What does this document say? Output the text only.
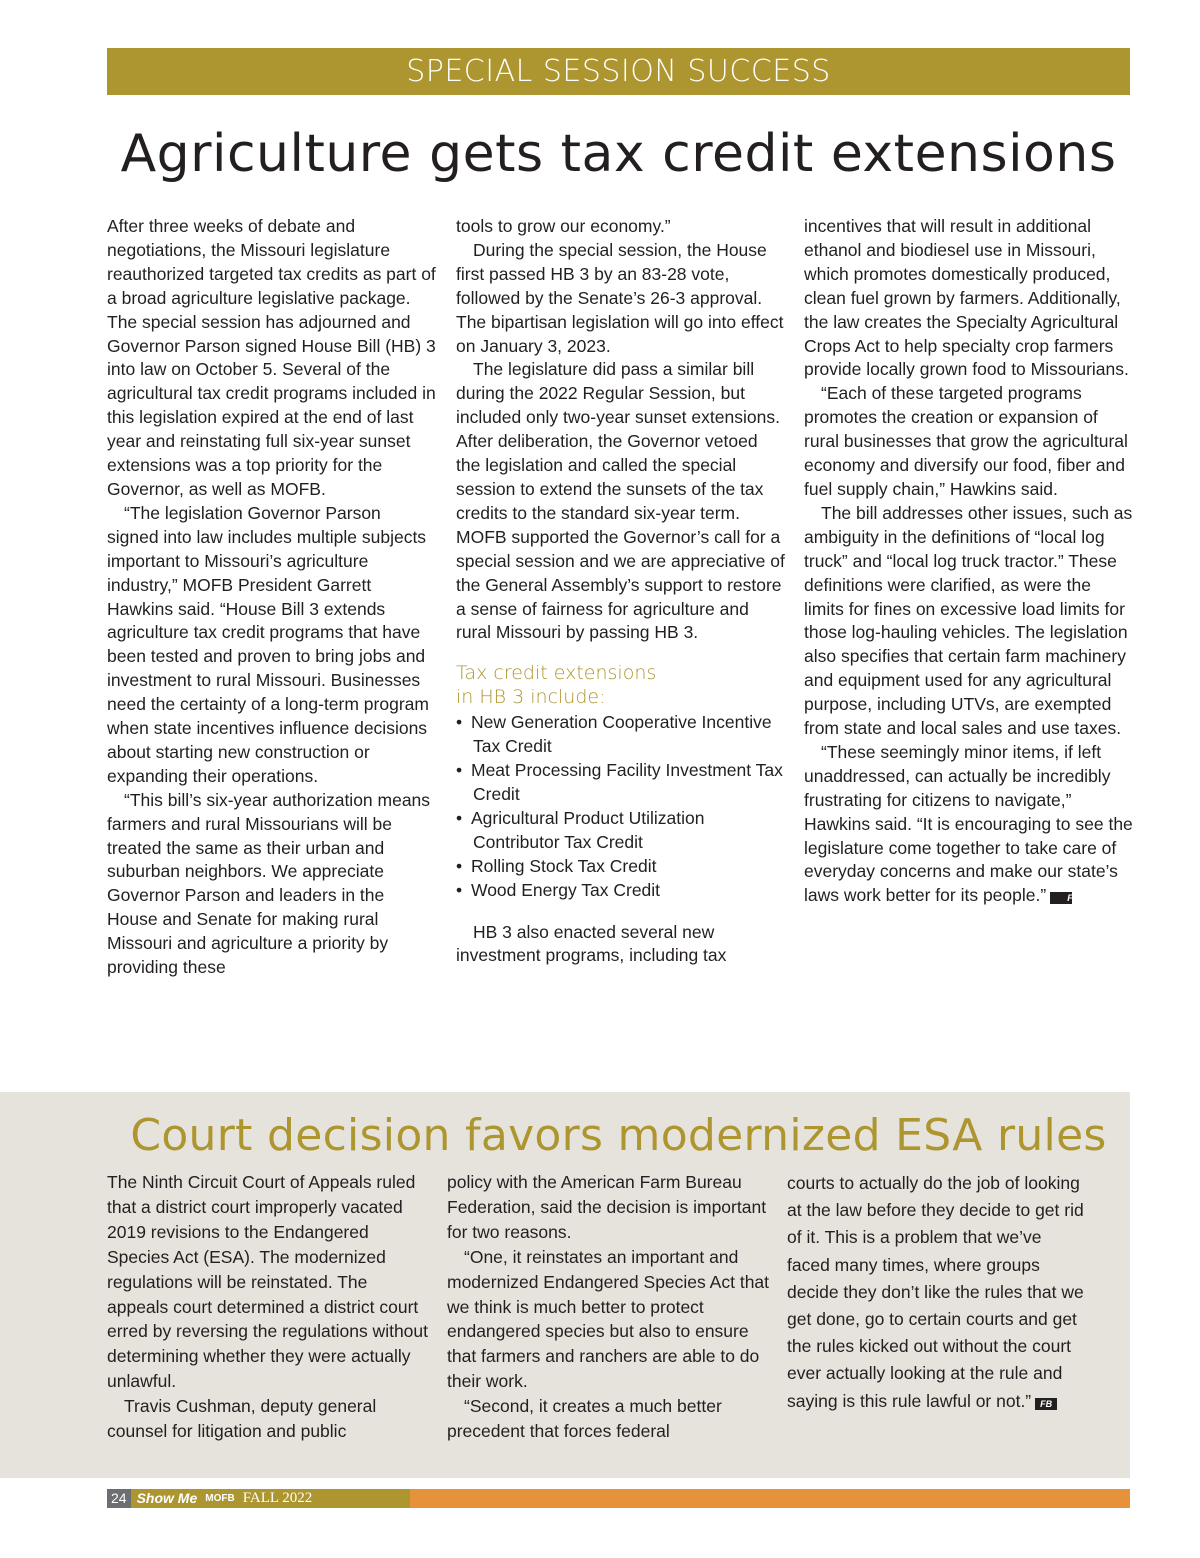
SPECIAL SESSION SUCCESS
Agriculture gets tax credit extensions

After three weeks of debate and negotiations, the Missouri legislature reauthorized targeted tax credits as part of a broad agriculture legislative package. The special session has adjourned and Governor Parson signed House Bill (HB) 3 into law on October 5. Several of the agricultural tax credit programs included in this legislation expired at the end of last year and reinstating full six-year sunset extensions was a top priority for the Governor, as well as MOFB.

“The legislation Governor Parson signed into law includes multiple subjects important to Missouri’s agriculture industry,” MOFB President Garrett Hawkins said. “House Bill 3 extends agriculture tax credit programs that have been tested and proven to bring jobs and investment to rural Missouri. Businesses need the certainty of a long-term program when state incentives influence decisions about starting new construction or expanding their operations.

“This bill’s six-year authorization means farmers and rural Missourians will be treated the same as their urban and suburban neighbors. We appreciate Governor Parson and leaders in the House and Senate for making rural Missouri and agriculture a priority by providing these

tools to grow our economy.”

During the special session, the House first passed HB 3 by an 83-28 vote, followed by the Senate’s 26-3 approval. The bipartisan legislation will go into effect on January 3, 2023.

The legislature did pass a similar bill during the 2022 Regular Session, but included only two-year sunset extensions. After deliberation, the Governor vetoed the legislation and called the special session to extend the sunsets of the tax credits to the standard six-year term. MOFB supported the Governor’s call for a special session and we are appreciative of the General Assembly’s support to restore a sense of fairness for agriculture and rural Missouri by passing HB 3.

Tax credit extensions
in HB 3 include:
• New Generation Cooperative Incentive Tax Credit
• Meat Processing Facility Investment Tax Credit
• Agricultural Product Utilization Contributor Tax Credit
• Rolling Stock Tax Credit
• Wood Energy Tax Credit

HB 3 also enacted several new investment programs, including tax

incentives that will result in additional ethanol and biodiesel use in Missouri, which promotes domestically produced, clean fuel grown by farmers. Additionally, the law creates the Specialty Agricultural Crops Act to help specialty crop farmers provide locally grown food to Missourians.

“Each of these targeted programs promotes the creation or expansion of rural businesses that grow the agricultural economy and diversify our food, fiber and fuel supply chain,” Hawkins said.

The bill addresses other issues, such as ambiguity in the definitions of “local log truck” and “local log truck tractor.” These definitions were clarified, as were the limits for fines on excessive load limits for those log-hauling vehicles. The legislation also specifies that certain farm machinery and equipment used for any agricultural purpose, including UTVs, are exempted from state and local sales and use taxes.

“These seemingly minor items, if left unaddressed, can actually be incredibly frustrating for citizens to navigate,” Hawkins said. “It is encouraging to see the legislature come together to take care of everyday concerns and make our state’s laws work better for its people.” FB

Court decision favors modernized ESA rules

The Ninth Circuit Court of Appeals ruled that a district court improperly vacated 2019 revisions to the Endangered Species Act (ESA). The modernized regulations will be reinstated. The appeals court determined a district court erred by reversing the regulations without determining whether they were actually unlawful.

Travis Cushman, deputy general counsel for litigation and public

policy with the American Farm Bureau Federation, said the decision is important for two reasons.

“One, it reinstates an important and modernized Endangered Species Act that we think is much better to protect endangered species but also to ensure that farmers and ranchers are able to do their work.

“Second, it creates a much better precedent that forces federal

courts to actually do the job of looking at the law before they decide to get rid of it. This is a problem that we’ve faced many times, where groups decide they don’t like the rules that we get done, go to certain courts and get the rules kicked out without the court ever actually looking at the rule and saying is this rule lawful or not.” FB

24 Show Me MOFB FALL 2022
